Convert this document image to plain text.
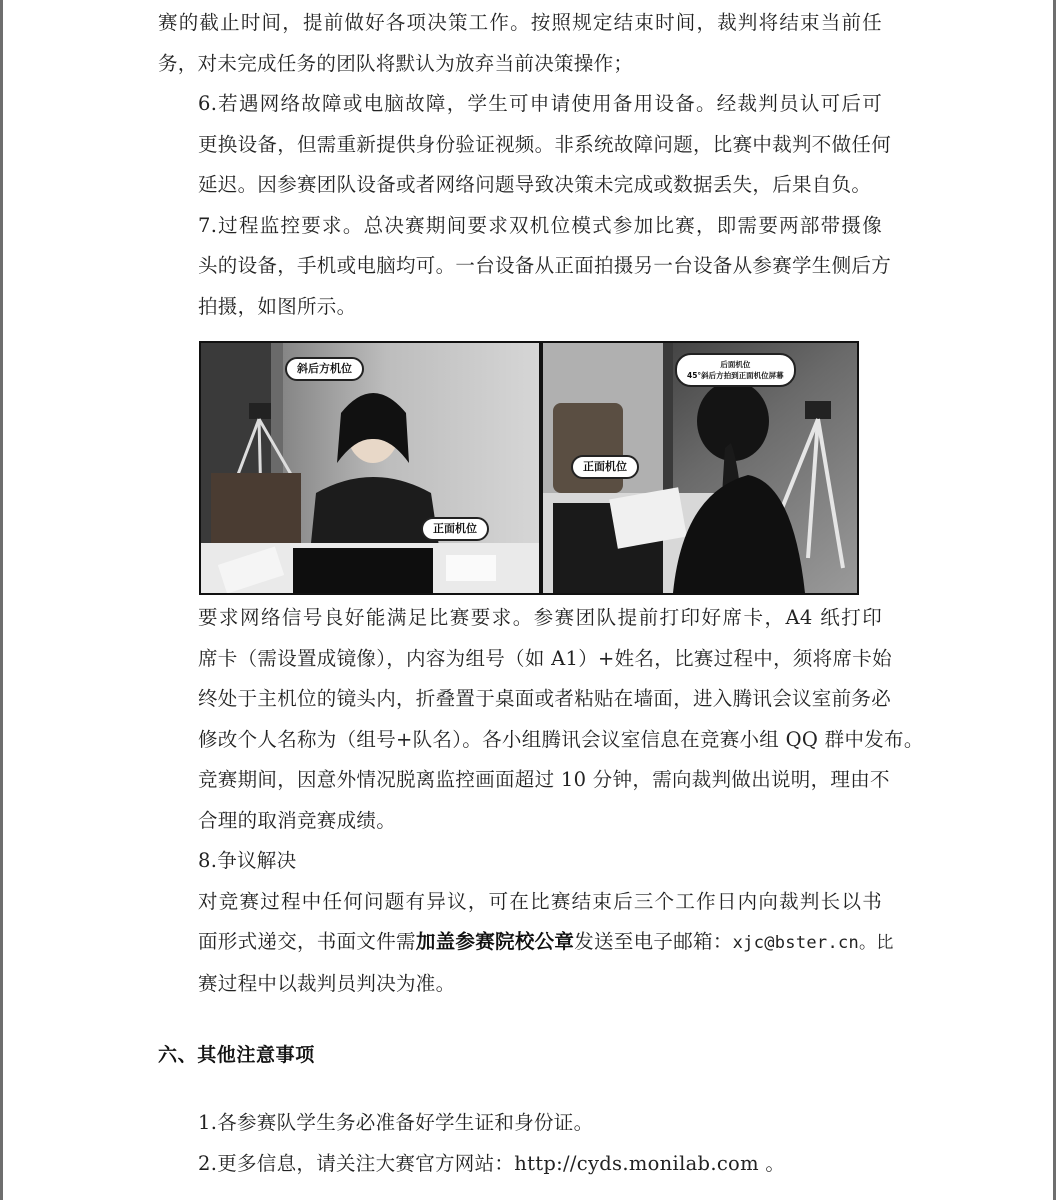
赛的截止时间，提前做好各项决策工作。按照规定结束时间，裁判将结束当前任
务，对未完成任务的团队将默认为放弃当前决策操作；

6.若遇网络故障或电脑故障，学生可申请使用备用设备。经裁判员认可后可
更换设备，但需重新提供身份验证视频。非系统故障问题，比赛中裁判不做任何
延迟。因参赛团队设备或者网络问题导致决策未完成或数据丢失，后果自负。

7.过程监控要求。总决赛期间要求双机位模式参加比赛，即需要两部带摄像
头的设备，手机或电脑均可。一台设备从正面拍摄另一台设备从参赛学生侧后方
拍摄，如图所示。

斜后方机位
正面机位
后面机位
45°斜后方拍到正面机位屏幕
正面机位

要求网络信号良好能满足比赛要求。参赛团队提前打印好席卡，A4 纸打印
席卡（需设置成镜像），内容为组号（如 A1）+姓名，比赛过程中，须将席卡始
终处于主机位的镜头内，折叠置于桌面或者粘贴在墙面，进入腾讯会议室前务必
修改个人名称为（组号+队名）。各小组腾讯会议室信息在竞赛小组 QQ 群中发布。
竞赛期间，因意外情况脱离监控画面超过 10 分钟，需向裁判做出说明，理由不
合理的取消竞赛成绩。

8.争议解决

对竞赛过程中任何问题有异议，可在比赛结束后三个工作日内向裁判长以书
面形式递交，书面文件需加盖参赛院校公章发送至电子邮箱：xjc@bster.cn。比
赛过程中以裁判员判决为准。

六、其他注意事项

1.各参赛队学生务必准备好学生证和身份证。

2.更多信息，请关注大赛官方网站：http://cyds.monilab.com 。
